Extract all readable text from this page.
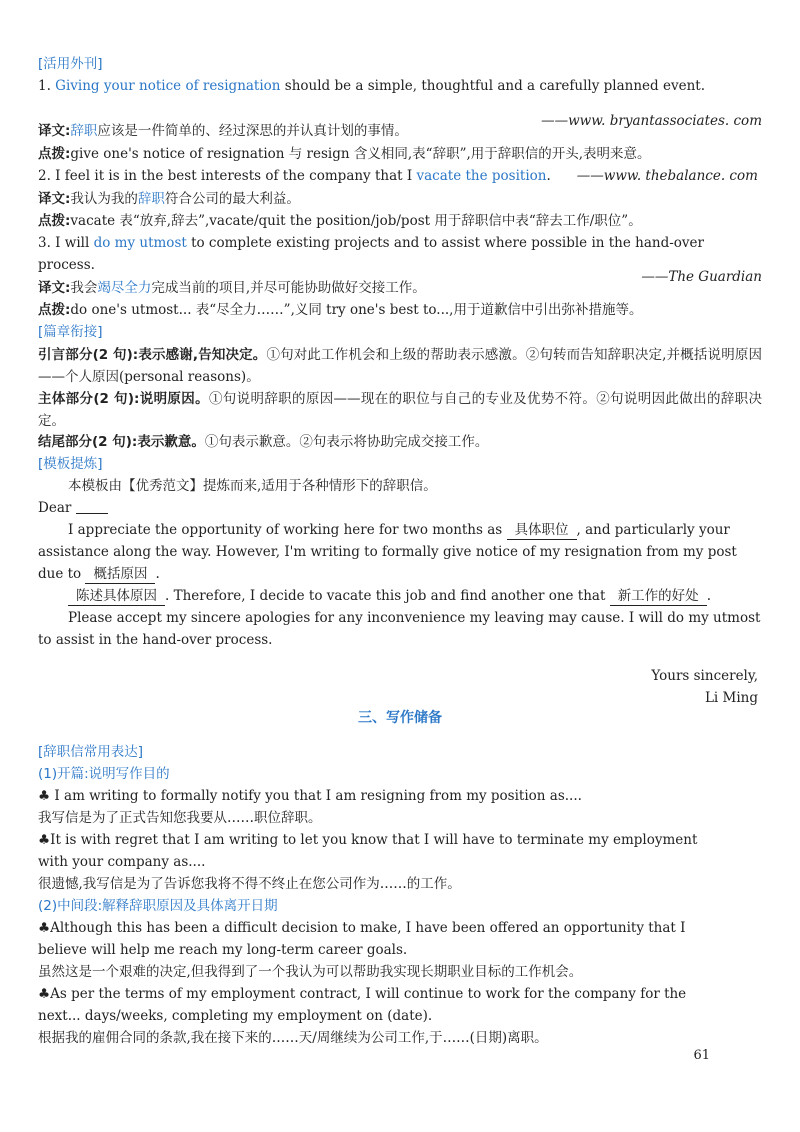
[活用外刊]

1. Giving your notice of resignation should be a simple, thoughtful and a carefully planned event.

——www. bryantassociates. com

译文:辞职应该是一件简单的、经过深思的并认真计划的事情。

点拨:give one's notice of resignation 与 resign 含义相同,表“辞职”,用于辞职信的开头,表明来意。

2. I feel it is in the best interests of the company that I vacate the position. ——www. thebalance. com

译文:我认为我的辞职符合公司的最大利益。

点拨:vacate 表“放弃,辞去”,vacate/quit the position/job/post 用于辞职信中表“辞去工作/职位”。

3. I will do my utmost to complete existing projects and to assist where possible in the hand-over

process.

——The Guardian

译文:我会竭尽全力完成当前的项目,并尽可能协助做好交接工作。

点拨:do one's utmost... 表“尽全力……”,义同 try one's best to...,用于道歉信中引出弥补措施等。

[篇章衔接]

引言部分(2 句):表示感谢,告知决定。①句对此工作机会和上级的帮助表示感激。②句转而告知辞职决定,并概括说明原因——个人原因(personal reasons)。

主体部分(2 句):说明原因。①句说明辞职的原因——现在的职位与自己的专业及优势不符。②句说明因此做出的辞职决定。

结尾部分(2 句):表示歉意。①句表示歉意。②句表示将协助完成交接工作。

[模板提炼]

本模板由【优秀范文】提炼而来,适用于各种情形下的辞职信。

Dear

I appreciate the opportunity of working here for two months as 具体职位 , and particularly your

assistance along the way. However, I'm writing to formally give notice of my resignation from my post

due to 概括原因 .

陈述具体原因 . Therefore, I decide to vacate this job and find another one that 新工作的好处 .

Please accept my sincere apologies for any inconvenience my leaving may cause. I will do my utmost

to assist in the hand-over process.

Yours sincerely,

Li Ming

三、写作储备

[辞职信常用表达]

(1)开篇:说明写作目的

♣ I am writing to formally notify you that I am resigning from my position as....

我写信是为了正式告知您我要从……职位辞职。

♣It is with regret that I am writing to let you know that I will have to terminate my employment

with your company as....

很遗憾,我写信是为了告诉您我将不得不终止在您公司作为……的工作。

(2)中间段:解释辞职原因及具体离开日期

♣Although this has been a difficult decision to make, I have been offered an opportunity that I

believe will help me reach my long-term career goals.

虽然这是一个艰难的决定,但我得到了一个我认为可以帮助我实现长期职业目标的工作机会。

♣As per the terms of my employment contract, I will continue to work for the company for the

next... days/weeks, completing my employment on (date).

根据我的雇佣合同的条款,我在接下来的……天/周继续为公司工作,于……(日期)离职。

61
